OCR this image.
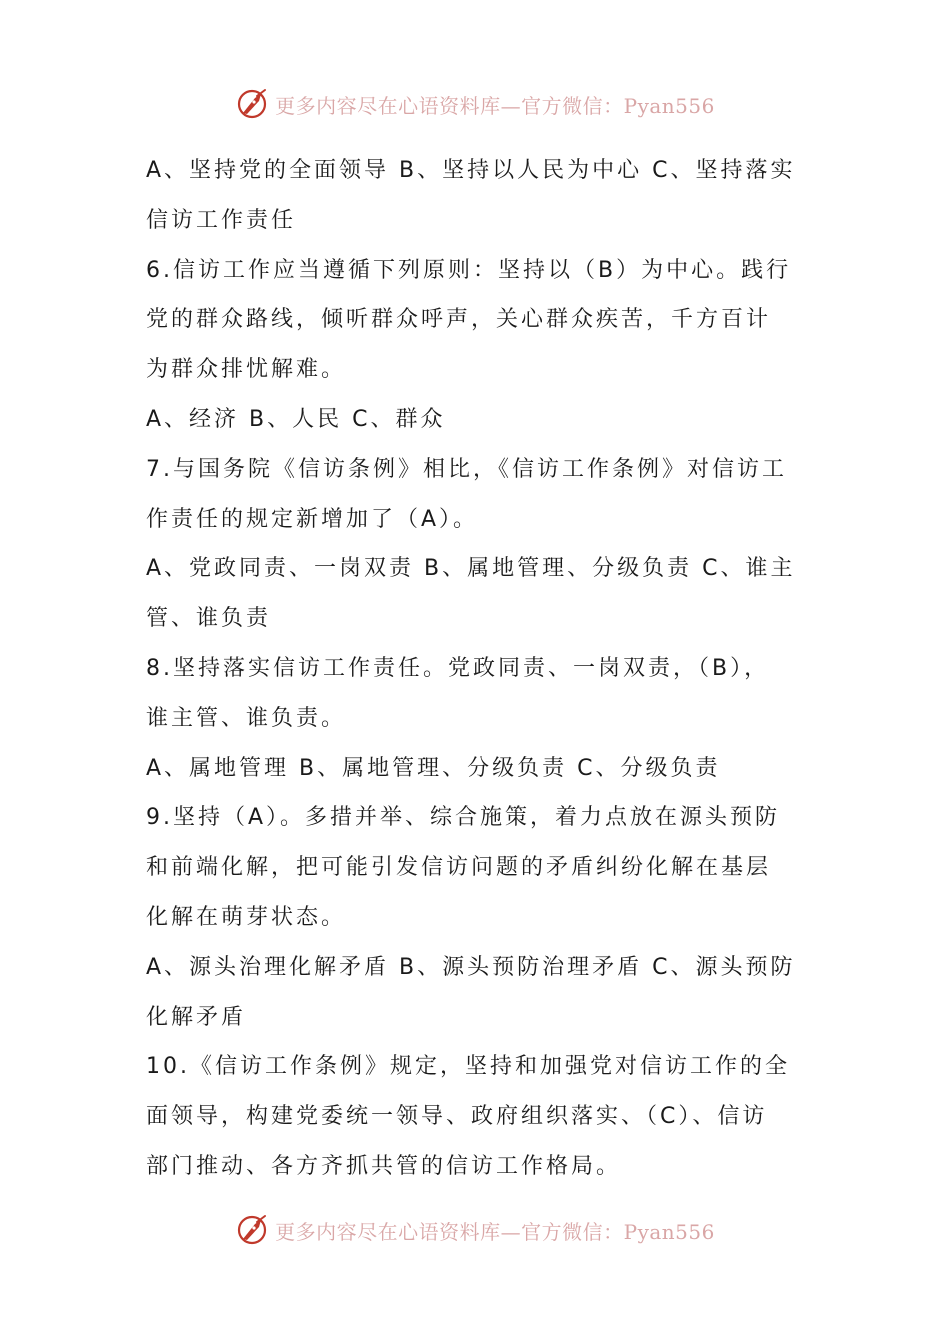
更多内容尽在心语资料库—官方微信：Pyan556
A、坚持党的全面领导 B、坚持以人民为中心 C、坚持落实
信访工作责任
6.信访工作应当遵循下列原则：坚持以（B）为中心。践行
党的群众路线，倾听群众呼声，关心群众疾苦，千方百计
为群众排忧解难。
A、经济 B、人民 C、群众
7.与国务院《信访条例》相比，《信访工作条例》对信访工
作责任的规定新增加了（A）。
A、党政同责、一岗双责 B、属地管理、分级负责 C、谁主
管、谁负责
8.坚持落实信访工作责任。党政同责、一岗双责，（B），
谁主管、谁负责。
A、属地管理 B、属地管理、分级负责 C、分级负责
9.坚持（A）。多措并举、综合施策，着力点放在源头预防
和前端化解，把可能引发信访问题的矛盾纠纷化解在基层
化解在萌芽状态。
A、源头治理化解矛盾 B、源头预防治理矛盾 C、源头预防
化解矛盾
10.《信访工作条例》规定，坚持和加强党对信访工作的全
面领导，构建党委统一领导、政府组织落实、（C）、信访
部门推动、各方齐抓共管的信访工作格局。
更多内容尽在心语资料库—官方微信：Pyan556
